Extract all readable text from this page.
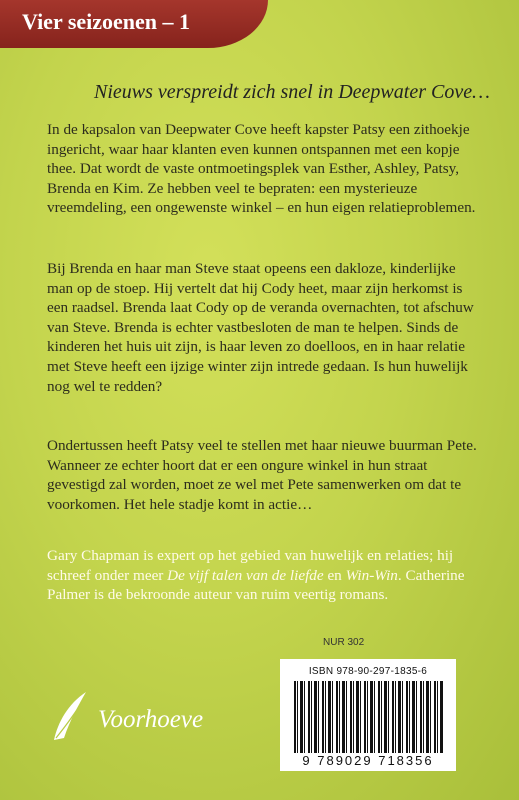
Vier seizoenen – 1
Nieuws verspreidt zich snel in Deepwater Cove…

In de kapsalon van Deepwater Cove heeft kapster Patsy een zithoekje ingericht, waar haar klanten even kunnen ontspannen met een kopje thee. Dat wordt de vaste ontmoetingsplek van Esther, Ashley, Patsy, Brenda en Kim. Ze hebben veel te bepraten: een mysterieuze vreemdeling, een ongewenste winkel – en hun eigen relatieproblemen.

Bij Brenda en haar man Steve staat opeens een dakloze, kinderlijke man op de stoep. Hij vertelt dat hij Cody heet, maar zijn herkomst is een raadsel. Brenda laat Cody op de veranda overnachten, tot afschuw van Steve. Brenda is echter vastbesloten de man te helpen. Sinds de kinderen het huis uit zijn, is haar leven zo doelloos, en in haar relatie met Steve heeft een ijzige winter zijn intrede gedaan. Is hun huwelijk nog wel te redden?

Ondertussen heeft Patsy veel te stellen met haar nieuwe buurman Pete. Wanneer ze echter hoort dat er een ongure winkel in hun straat gevestigd zal worden, moet ze wel met Pete samenwerken om dat te voorkomen. Het hele stadje komt in actie…

Gary Chapman is expert op het gebied van huwelijk en relaties; hij schreef onder meer De vijf talen van de liefde en Win-Win. Catherine Palmer is de bekroonde auteur van ruim veertig romans.

NUR 302
ISBN 978-90-297-1835-6
9 789029 718356
Voorhoeve
